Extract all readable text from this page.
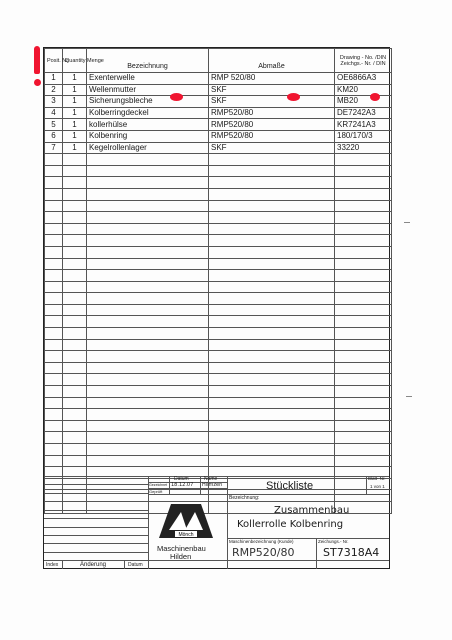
Posit. Nr.	Quantity Menge	Bezeichnung	Abmaße	Drawing - No. /DIN Zeichgs.- Nr. / DIN
1	1	Exenterwelle	RMP 520/80	OE6866A3
2	1	Wellenmutter	SKF	KM20
3	1	Sicherungsbleche	SKF	MB20
4	1	Kolberringdeckel	RMP520/80	DE7242A3
5	1	kollerhülse	RMP520/80	KR7241A3
6	1	Kolbenring	RMP520/80	180/170/3
7	1	Kegelrollenlager	SKF	33220

Datum	Name
Gezeichnet 18.12.07 Hilmzen
Geprüft	Stückliste
Blatt- Nr.
1 von 1
Bezeichnung:
Zusammenbau
Kollerrolle Kolbenring
Mönch
Maschinenbau
Hilden
Maschinenbezeichnung (Kunde)
RMP520/80
Zeichungs.- Nr.
ST7318A4
Index	Änderung	Datum
